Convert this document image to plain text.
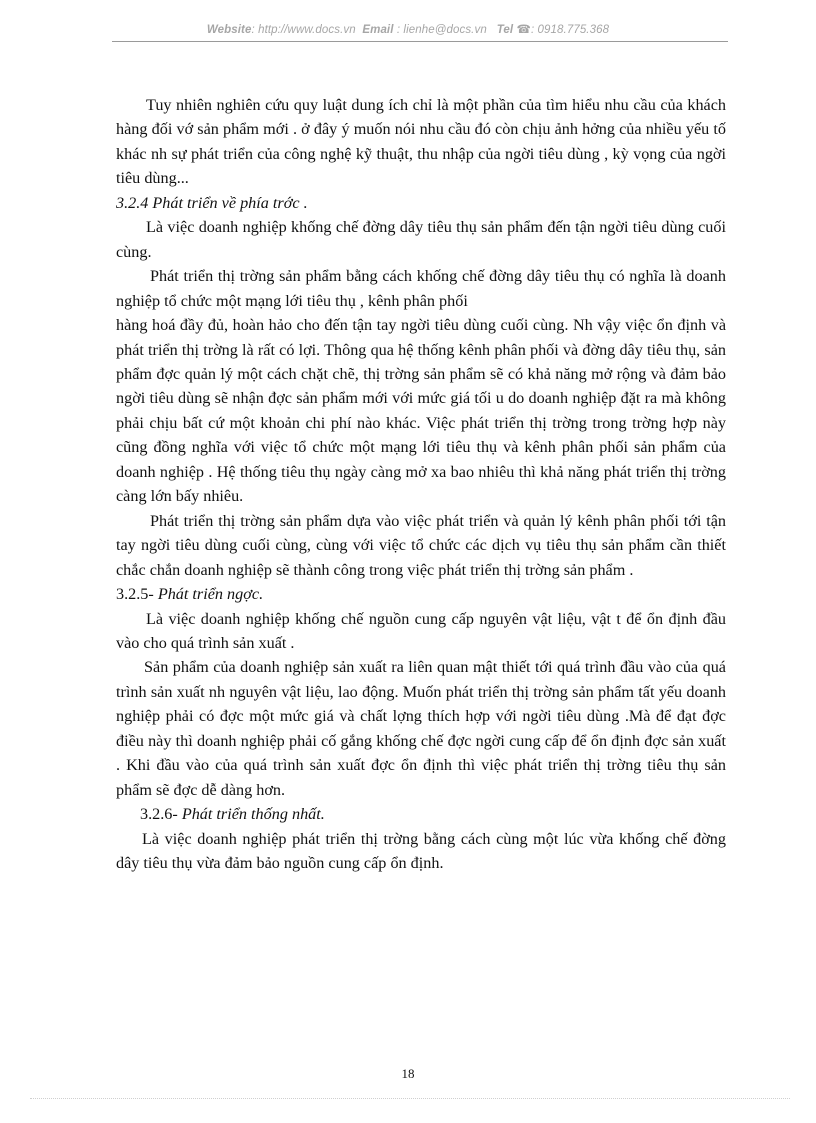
Website: http://www.docs.vn Email : lienhe@docs.vn Tel ☎: 0918.775.368

Tuy nhiên nghiên cứu quy luật dung ích chỉ là một phần của tìm hiểu nhu cầu của khách hàng đối vớ sản phẩm mới . ở đây ý muốn nói nhu cầu đó còn chịu ảnh hởng của nhiều yếu tố khác nh sự phát triển của công nghệ kỹ thuật, thu nhập của ngời tiêu dùng , kỳ vọng của ngời tiêu dùng...

3.2.4 Phát triển về phía trớc .

Là việc doanh nghiệp khống chế đờng dây tiêu thụ sản phẩm đến tận ngời tiêu dùng cuối cùng.

Phát triển thị trờng sản phẩm bằng cách khống chế đờng dây tiêu thụ có nghĩa là doanh nghiệp tổ chức một mạng lới tiêu thụ , kênh phân phối

hàng hoá đầy đủ, hoàn hảo cho đến tận tay ngời tiêu dùng cuối cùng. Nh vậy việc ổn định và phát triển thị trờng là rất có lợi. Thông qua hệ thống kênh phân phối và đờng dây tiêu thụ, sản phẩm đợc quản lý một cách chặt chẽ, thị trờng sản phẩm sẽ có khả năng mở rộng và đảm bảo ngời tiêu dùng sẽ nhận đợc sản phẩm mới với mức giá tối u do doanh nghiệp đặt ra mà không phải chịu bất cứ một khoản chi phí nào khác. Việc phát triển thị trờng trong trờng hợp này cũng đồng nghĩa với việc tổ chức một mạng lới tiêu thụ và kênh phân phối sản phẩm của doanh nghiệp . Hệ thống tiêu thụ ngày càng mở xa bao nhiêu thì khả năng phát triển thị trờng càng lớn bấy nhiêu.

Phát triển thị trờng sản phẩm dựa vào việc phát triển và quản lý kênh phân phối tới tận tay ngời tiêu dùng cuối cùng, cùng với việc tổ chức các dịch vụ tiêu thụ sản phẩm cần thiết chắc chắn doanh nghiệp sẽ thành công trong việc phát triển thị trờng sản phẩm .

3.2.5- Phát triển ngợc.

Là việc doanh nghiệp khống chế nguồn cung cấp nguyên vật liệu, vật t để ổn định đầu vào cho quá trình sản xuất .

Sản phẩm của doanh nghiệp sản xuất ra liên quan mật thiết tới quá trình đầu vào của quá trình sản xuất nh nguyên vật liệu, lao động. Muốn phát triển thị trờng sản phẩm tất yếu doanh nghiệp phải có đợc một mức giá và chất lợng thích hợp với ngời tiêu dùng .Mà để đạt đợc điều này thì doanh nghiệp phải cố gắng khống chế đợc ngời cung cấp để ổn định đợc sản xuất . Khi đầu vào của quá trình sản xuất đợc ổn định thì việc phát triển thị trờng tiêu thụ sản phẩm sẽ đợc dễ dàng hơn.

3.2.6- Phát triển thống nhất.

Là việc doanh nghiệp phát triển thị trờng bằng cách cùng một lúc vừa khống chế đờng dây tiêu thụ vừa đảm bảo nguồn cung cấp ổn định.

18
